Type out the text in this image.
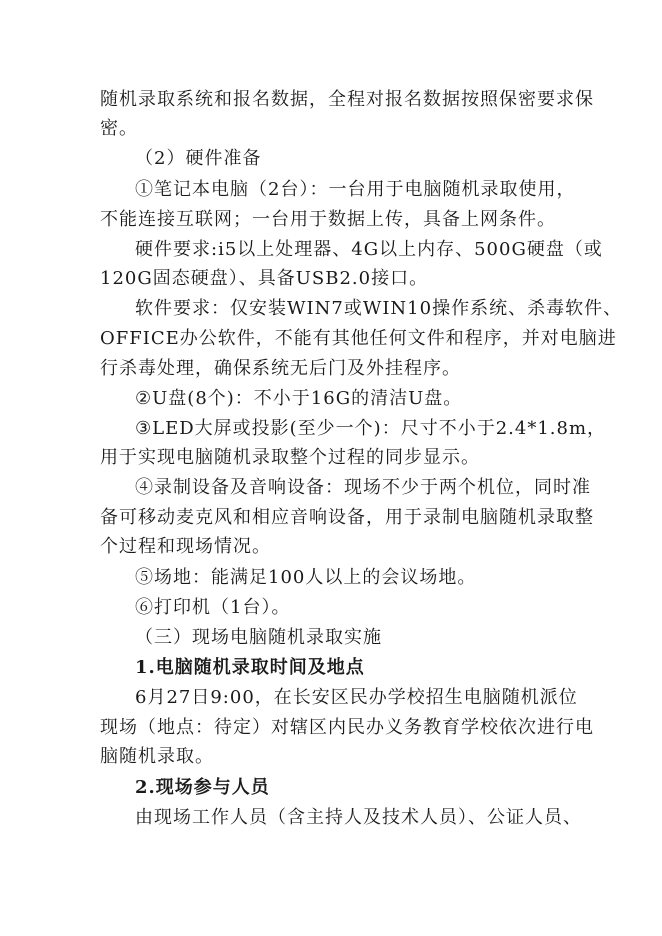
随机录取系统和报名数据，全程对报名数据按照保密要求保
密。
（2）硬件准备
①笔记本电脑（2台）：一台用于电脑随机录取使用，
不能连接互联网；一台用于数据上传，具备上网条件。
硬件要求:i5以上处理器、4G以上内存、500G硬盘（或
120G固态硬盘）、具备USB2.0接口。
软件要求：仅安装WIN7或WIN10操作系统、杀毒软件、
OFFICE办公软件，不能有其他任何文件和程序，并对电脑进
行杀毒处理，确保系统无后门及外挂程序。
②U盘(8个)：不小于16G的清洁U盘。
③LED大屏或投影(至少一个)：尺寸不小于2.4*1.8m，
用于实现电脑随机录取整个过程的同步显示。
④录制设备及音响设备：现场不少于两个机位，同时准
备可移动麦克风和相应音响设备，用于录制电脑随机录取整
个过程和现场情况。
⑤场地：能满足100人以上的会议场地。
⑥打印机（1台）。
（三）现场电脑随机录取实施
1.电脑随机录取时间及地点
6月27日9:00，在长安区民办学校招生电脑随机派位
现场（地点：待定）对辖区内民办义务教育学校依次进行电
脑随机录取。
2.现场参与人员
由现场工作人员（含主持人及技术人员）、公证人员、
